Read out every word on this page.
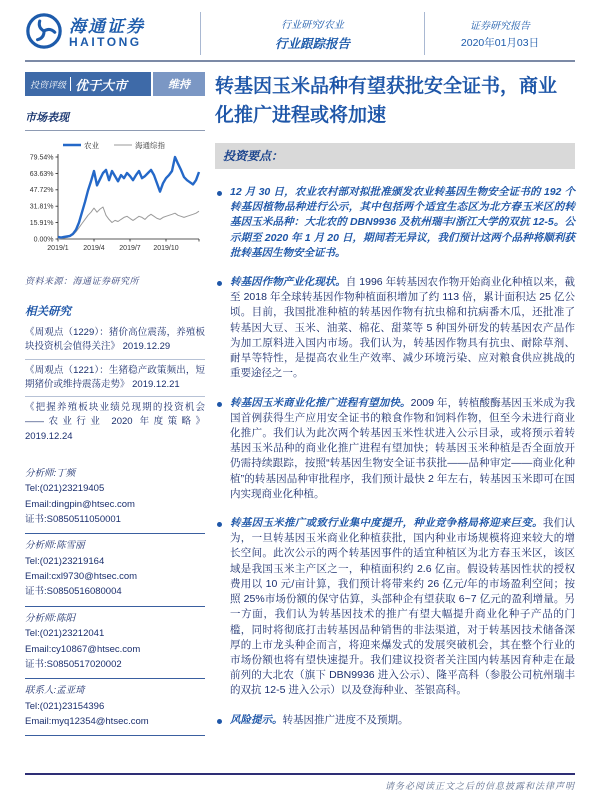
海通证券
HAITONG
行业研究/农业
行业跟踪报告
证券研究报告
2020年01月03日
投资评级 优于大市	维持
市场表现
农业	海通综指
0.00%
15.91%
31.81%
47.72%
63.63%
79.54%
2019/1 2019/4 2019/7 2019/10
资料来源：海通证券研究所
相关研究
《周观点（1229）：猪价高位震荡，养殖板块投资机会值得关注》 2019.12.29
《周观点（1221）：生猪稳产政策频出，短期猪价或维持震荡走势》 2019.12.21
《把握养殖板块业绩兑现期的投资机会——农业行业 2020 年度策略》 2019.12.24
分析师:丁频
Tel:(021)23219405
Email:dingpin@htsec.com
证书:S0850511050001
分析师:陈雪丽
Tel:(021)23219164
Email:cxl9730@htsec.com
证书:S0850516080004
分析师:陈阳
Tel:(021)23212041
Email:cy10867@htsec.com
证书:S0850517020002
联系人:孟亚琦
Tel:(021)23154396
Email:myq12354@htsec.com
转基因玉米品种有望获批安全证书，商业化推广进程或将加速
投资要点：
12 月 30 日，农业农村部对拟批准颁发农业转基因生物安全证书的 192 个转基因植物品种进行公示，其中包括两个适宜生态区为北方春玉米区的转基因玉米品种：大北农的 DBN9936 及杭州瑞丰/浙江大学的双抗 12-5。公示期至 2020 年 1 月 20 日，期间若无异议，我们预计这两个品种将顺利获批转基因生物安全证书。
转基因作物产业化现状。自 1996 年转基因农作物开始商业化种植以来，截至 2018 年全球转基因作物种植面积增加了约 113 倍，累计面积达 25 亿公顷。目前，我国批准种植的转基因作物有抗虫棉和抗病番木瓜，还批准了转基因大豆、玉米、油菜、棉花、甜菜等 5 种国外研发的转基因农产品作为加工原料进入国内市场。我们认为，转基因作物具有抗虫、耐除草剂、耐旱等特性，是提高农业生产效率、减少环境污染、应对粮食供应挑战的重要途径之一。
转基因玉米商业化推广进程有望加快。2009 年，转植酸酶基因玉米成为我国首例获得生产应用安全证书的粮食作物和饲料作物，但至今未进行商业化推广。我们认为此次两个转基因玉米性状进入公示目录，或将预示着转基因玉米品种的商业化推广进程有望加快；转基因玉米种植是否全面放开仍需持续跟踪，按照“转基因生物安全证书获批——品种审定——商业化种植”的转基因品种审批程序，我们预计最快 2 年左右，转基因玉米即可在国内实现商业化种植。
转基因玉米推广或致行业集中度提升，种业竞争格局将迎来巨变。我们认为，一旦转基因玉米商业化种植获批，国内种业市场规模将迎来较大的增长空间。此次公示的两个转基因事件的适宜种植区为北方春玉米区，该区域是我国玉米主产区之一，种植面积约 2.6 亿亩。假设转基因性状的授权费用以 10 元/亩计算，我们预计将带来约 26 亿元/年的市场盈利空间；按照 25%市场份额的保守估算，头部种企有望获取 6~7 亿元的盈利增量。另一方面，我们认为转基因技术的推广有望大幅提升商业化种子产品的门槛，同时将彻底打击转基因品种销售的非法渠道，对于转基因技术储备深厚的上市龙头种企而言，将迎来爆发式的发展突破机会，其在整个行业的市场份额也将有望快速提升。我们建议投资者关注国内转基因育种走在最前列的大北农（旗下 DBN9936 进入公示）、隆平高科（参股公司杭州瑞丰的双抗 12-5 进入公示）以及登海种业、荃银高科。
风险提示。转基因推广进度不及预期。
请务必阅读正文之后的信息披露和法律声明
